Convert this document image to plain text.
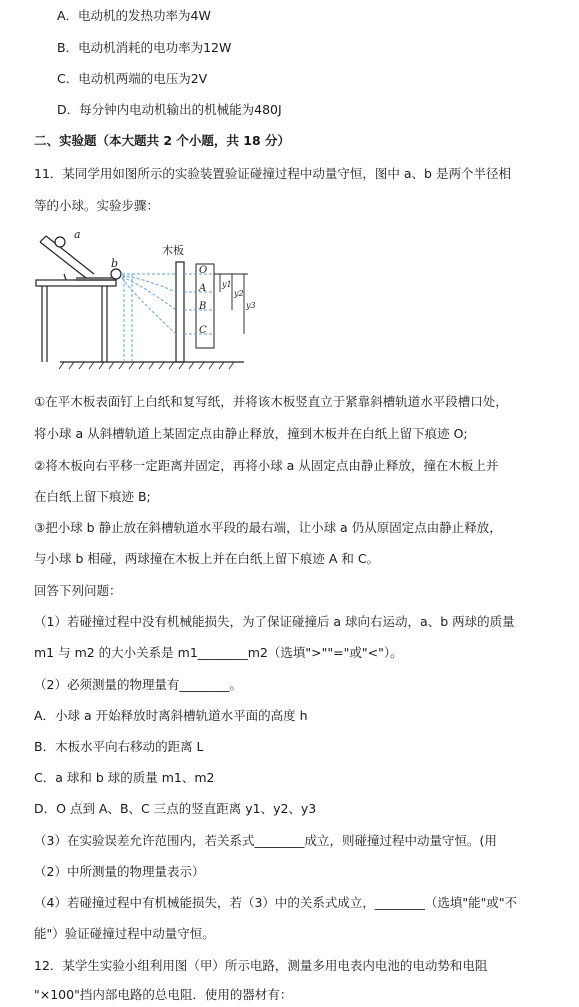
A．电动机的发热功率为4W
B．电动机消耗的电功率为12W
C．电动机两端的电压为2V
D．每分钟内电动机输出的机械能为480J
二、实验题（本大题共 2 个小题，共 18 分）
11．某同学用如图所示的实验装置验证碰撞过程中动量守恒，图中 a、b 是两个半径相
等的小球。实验步骤：
a
b
木板
O
A
B
C
y1
y2
y3
①在平木板表面钉上白纸和复写纸，并将该木板竖直立于紧靠斜槽轨道水平段槽口处，
将小球 a 从斜槽轨道上某固定点由静止释放，撞到木板并在白纸上留下痕迹 O;
②将木板向右平移一定距离并固定，再将小球 a 从固定点由静止释放，撞在木板上并
在白纸上留下痕迹 B;
③把小球 b 静止放在斜槽轨道水平段的最右端，让小球 a 仍从原固定点由静止释放，
与小球 b 相碰，两球撞在木板上并在白纸上留下痕迹 A 和 C。
回答下列问题：
（1）若碰撞过程中没有机械能损失，为了保证碰撞后 a 球向右运动，a、b 两球的质量
m1 与 m2 的大小关系是 m1________m2（选填">""="或"<"）。
（2）必须测量的物理量有________。
A．小球 a 开始释放时离斜槽轨道水平面的高度 h
B．木板水平向右移动的距离 L
C．a 球和 b 球的质量 m1、m2
D．O 点到 A、B、C 三点的竖直距离 y1、y2、y3
（3）在实验误差允许范围内，若关系式________成立，则碰撞过程中动量守恒。(用
（2）中所测量的物理量表示）
（4）若碰撞过程中有机械能损失，若（3）中的关系式成立，________（选填"能"或"不
能"）验证碰撞过程中动量守恒。
12．某学生实验小组利用图（甲）所示电路，测量多用电表内电池的电动势和电阻
"×100"挡内部电路的总电阻．使用的器材有：
